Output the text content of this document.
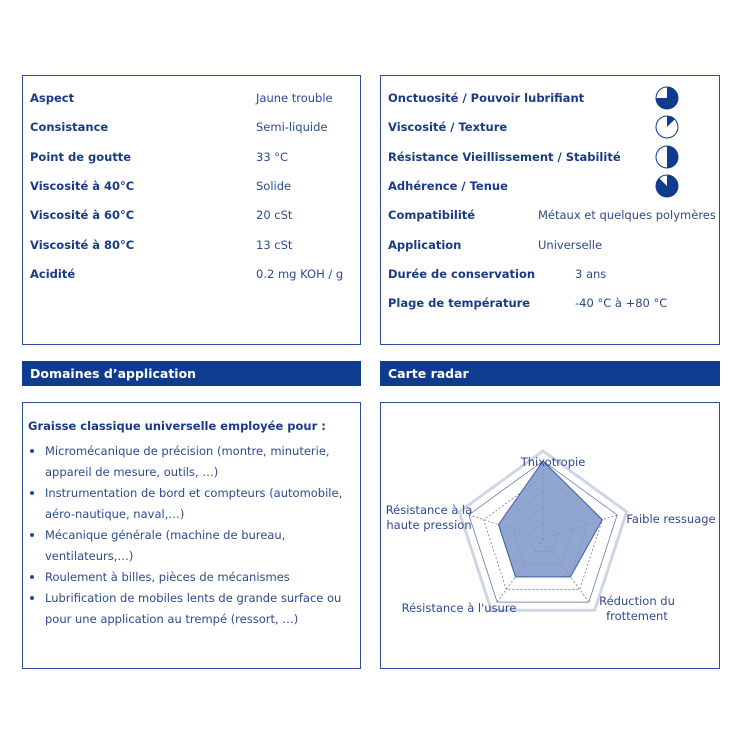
Aspect	Jaune trouble
Consistance	Semi-liquide
Point de goutte	33 °C
Viscosité à 40°C	Solide
Viscosité à 60°C	20 cSt
Viscosité à 80°C	13 cSt
Acidité	0.2 mg KOH / g
Onctuosité / Pouvoir lubrifiant
Viscosité / Texture
Résistance Vieillissement / Stabilité
Adhérence / Tenue
Compatibilité	Métaux et quelques polymères
Application	Universelle
Durée de conservation	3 ans
Plage de température	-40 °C à +80 °C
Domaines d’application	Carte radar
Graisse classique universelle employée pour :
Micromécanique de précision (montre, minuterie, appareil de mesure, outils, …)
Instrumentation de bord et compteurs (automobile, aéro-nautique, naval,…)
Mécanique générale (machine de bureau, ventilateurs,…)
Roulement à billes, pièces de mécanismes
Lubrification de mobiles lents de grande surface ou pour une application au trempé (ressort, …)
Thixotropie
Faible ressuage
Réduction du frottement
Résistance à l'usure
Résistance à la haute pression
